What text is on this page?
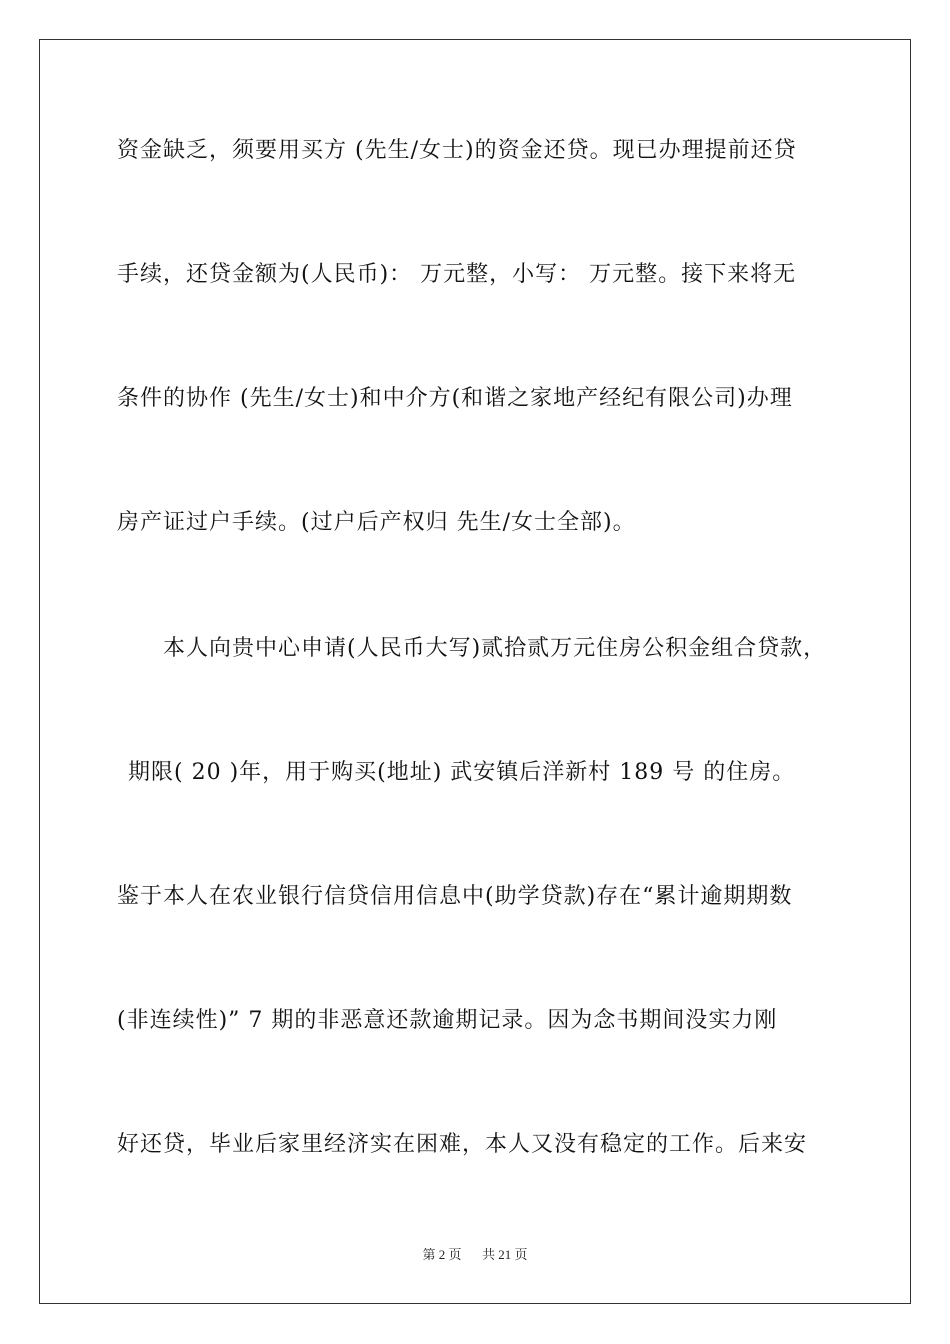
资金缺乏，须要用买方 (先生/女士)的资金还贷。现已办理提前还贷
手续，还贷金额为(人民币)： 万元整，小写： 万元整。接下来将无
条件的协作 (先生/女士)和中介方(和谐之家地产经纪有限公司)办理
房产证过户手续。(过户后产权归 先生/女士全部)。
本人向贵中心申请(人民币大写)贰拾贰万元住房公积金组合贷款，
期限( 20 )年，用于购买(地址) 武安镇后洋新村 189 号 的住房。
鉴于本人在农业银行信贷信用信息中(助学贷款)存在“累计逾期期数
(非连续性)” 7 期的非恶意还款逾期记录。因为念书期间没实力刚
好还贷，毕业后家里经济实在困难，本人又没有稳定的工作。后来安
第 2 页 共 21 页
